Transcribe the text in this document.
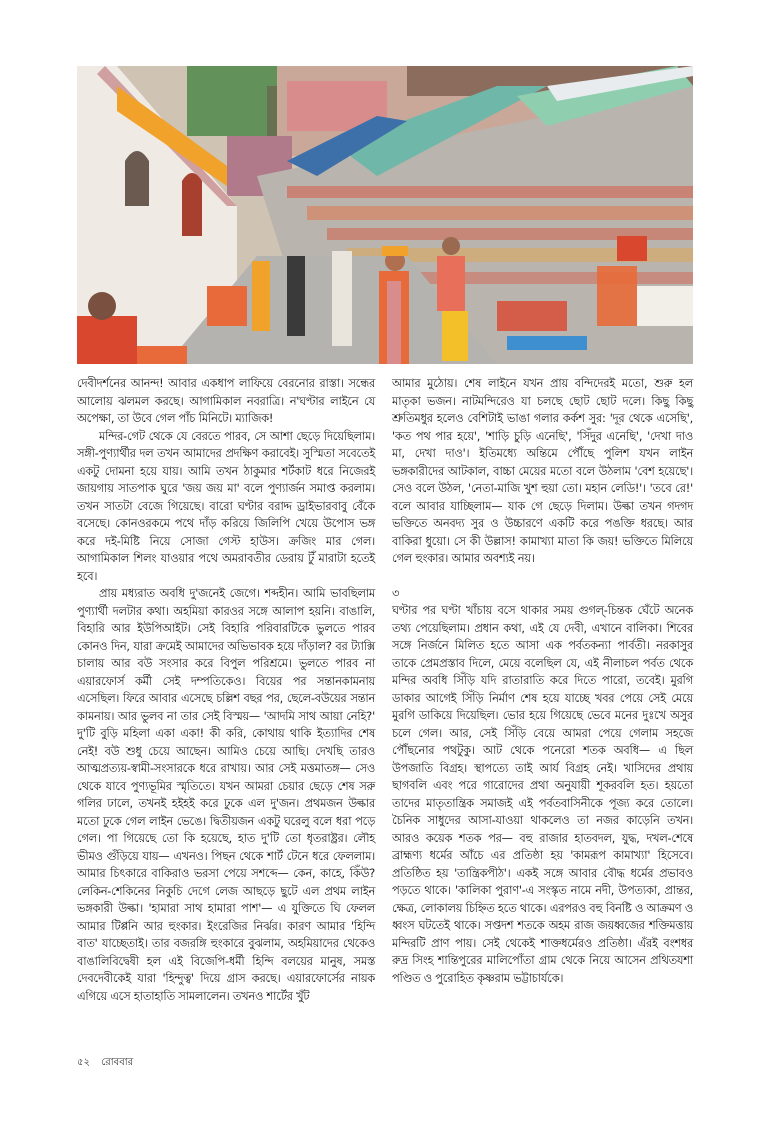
দেবীদর্শনের আনন্দ! আবার একধাপ লাফিয়ে বেরনোর রাস্তা। সন্ধের আলোয় ঝলমল করছে। আগামিকাল নবরাত্রি। ন'ঘণ্টার লাইনে যে অপেক্ষা, তা উবে গেল পাঁচ মিনিটে। ম্যাজিক!

মন্দির-গেট থেকে যে বেরতে পারব, সে আশা ছেড়ে দিয়েছিলাম। সঙ্গী-পুণ্যার্থীর দল তখন আমাদের প্রদক্ষিণ করাবেই। সুস্মিতা সবেতেই একটু দোমনা হয়ে যায়। আমি তখন ঠাকুমার শর্টকাট ধরে নিজেরই জায়গায় সাতপাক ঘুরে 'জয় জয় মা' বলে পুণ্যার্জন সমাপ্ত করলাম। তখন সাতটা বেজে গিয়েছে। বারো ঘণ্টার বরাদ্দ ড্রাইভারবাবু বেঁকে বসেছে। কোনওরকমে পথে দাঁড় করিয়ে জিলিপি খেয়ে উপোস ভঙ্গ করে দই-মিষ্টি নিয়ে সোজা গেস্ট হাউস। ক্রজিং মার গেল। আগামিকাল শিলং যাওয়ার পথে অমরাবতীর ডেরায় টুঁ মারাটা হতেই হবে।

প্রায় মধ্যরাত অবধি দু'জনেই জেগে। শব্দহীন। আমি ভাবছিলাম পুণ্যার্থী দলটার কথা। অহমিয়া কারওর সঙ্গে আলাপ হয়নি। বাঙালি, বিহারি আর ইউপিআইট। সেই বিহারি পরিবারটিকে ভুলতে পারব কোনও দিন, যারা ক্রমেই আমাদের অভিভাবক হয়ে দাঁড়াল? বর ট্যাক্সি চালায় আর বউ সংসার করে বিপুল পরিশ্রমে। ভুলতে পারব না এয়ারফোর্স কর্মী সেই দম্পতিকেও। বিয়ের পর সন্তানকামনায় এসেছিল। ফিরে আবার এসেছে চল্লিশ বছর পর, ছেলে-বউয়ের সন্তান কামনায়। আর ভুলব না তার সেই বিস্ময়— 'আদমি সাথ আয়া নেহি?' দু'টি বুড়ি মহিলা একা একা! কী করি, কোথায় থাকি ইত্যাদির শেষ নেই! বউ শুধু চেয়ে আছেন। আমিও চেয়ে আছি। দেখছি তারও আত্মপ্রত্যয়-স্বামী-সংসারকে ধরে রাখায়। আর সেই মত্তমাতঙ্গ— সেও থেকে যাবে পুণ্যভূমির স্মৃতিতে। যখন আমরা চেয়ার ছেড়ে শেষ সরু গলির ঢালে, তখনই হইহই করে ঢুকে এল দু'জন। প্রথমজন উল্কার মতো ঢুকে গেল লাইন ভেঙে। দ্বিতীয়জন একটু ঘরেলু বলে ধরা পড়ে গেল। পা গিয়েছে তো কি হয়েছে, হাত দু'টি তো ধৃতরাষ্ট্রর। লৌহ ভীমও গুঁড়িয়ে যায়— এখনও। পিছন থেকে শার্ট টেনে ধরে ফেললাম। আমার চিৎকারে বাকিরাও ভরসা পেয়ে সশব্দে— কেন, কাহে, কিঁউ? লেকিন-শেকিনের নিকুচি দেগে লেজ আছড়ে ছুটে এল প্রথম লাইন ভঙ্গকারী উল্কা। 'হামারা সাথ হামারা পাশ'— এ যুক্তিতে ঘি ফেলল আমার টিপ্পনি আর হুংকার। ইংরেজির নির্ঝর। কারণ আমার 'হিন্দি বাত' যাচ্ছেতাই। তার বজরঙ্গি হুংকারে বুঝলাম, অহমিয়াদের থেকেও বাঙালিবিদ্বেষী হল এই বিজেপি-ধর্মী হিন্দি বলয়ের মানুষ, সমস্ত দেবদেবীকেই যারা 'হিন্দুত্ব' দিয়ে গ্রাস করছে। এয়ারফোর্সের নায়ক এগিয়ে এসে হাতাহাতি সামলালেন। তখনও শার্টের খুঁট

আমার মুঠোয়। শেষ লাইনে যখন প্রায় বন্দিদেরই মতো, শুরু হল মাতৃকা ভজন। নাটমন্দিরেও যা চলছে ছোট ছোট দলে। কিছু কিছু শ্রুতিমধুর হলেও বেশিটাই ভাঙা গলার কর্কশ সুর: 'দূর থেকে এসেছি', 'কত পথ পার হয়ে', 'শাড়ি চুড়ি এনেছি', 'সিঁদুর এনেছি', 'দেখা দাও মা, দেখা দাও'। ইতিমধ্যে অন্তিমে পৌঁছে পুলিশ যখন লাইন ভঙ্গকারীদের আটকাল, বাচ্চা মেয়ের মতো বলে উঠলাম 'বেশ হয়েছে'। সেও বলে উঠল, 'নেতা-মাজি খুশ হুয়া তো। মহান লেডি!'। 'তবে রে!' বলে আবার যাচ্ছিলাম— যাক গে ছেড়ে দিলাম। উল্কা তখন গদগদ ভক্তিতে অনবদ্য সুর ও উচ্চারণে একটি করে পঙক্তি ধরছে। আর বাকিরা ধুয়ো। সে কী উল্লাস! কামাখ্যা মাতা কি জয়! ভক্তিতে মিলিয়ে গেল হুংকার। আমার অবশ্যই নয়।

৩

ঘণ্টার পর ঘণ্টা খাঁচায় বসে থাকার সময় গুগল্-চিন্তক ঘেঁটে অনেক তথ্য পেয়েছিলাম। প্রধান কথা, এই যে দেবী, এখানে বালিকা। শিবের সঙ্গে নির্জনে মিলিত হতে আসা এক পর্বতকন্যা পার্বতী। নরকাসুর তাকে প্রেমপ্রস্তাব দিলে, মেয়ে বলেছিল যে, এই নীলাচল পর্বত থেকে মন্দির অবধি সিঁড়ি যদি রাতারাতি করে দিতে পারো, তবেই। মুরগি ডাকার আগেই সিঁড়ি নির্মাণ শেষ হয়ে যাচ্ছে খবর পেয়ে সেই মেয়ে মুরগি ডাকিয়ে দিয়েছিল। ভোর হয়ে গিয়েছে ভেবে মনের দুঃখে অসুর চলে গেল। আর, সেই সিঁড়ি বেয়ে আমরা পেয়ে গেলাম সহজে পৌঁছনোর পথটুকু। আট থেকে পনেরো শতক অবধি— এ ছিল উপজাতি বিগ্রহ। স্থাপত্যে তাই আর্য বিগ্রহ নেই। খাসিদের প্রথায় ছাগবলি এবং পরে গারোদের প্রথা অনুযায়ী শূকরবলি হত। হয়তো তাদের মাতৃতান্ত্রিক সমাজই এই পর্বতবাসিনীকে পূজ্য করে তোলে। চৈনিক সাধুদের আসা-যাওয়া থাকলেও তা নজর কাড়েনি তখন। আরও কয়েক শতক পর— বহু রাজার হাতবদল, যুদ্ধ, দখল-শেষে ব্রাহ্মণ্য ধর্মের আঁচে এর প্রতিষ্ঠা হয় 'কামরূপ কামাখ্যা' হিসেবে। প্রতিষ্ঠিত হয় 'তান্ত্রিকপীঠ'। একই সঙ্গে আবার বৌদ্ধ ধর্মের প্রভাবও পড়তে থাকে। 'কালিকা পুরাণ'-এ সংস্কৃত নামে নদী, উপত্যকা, প্রান্তর, ক্ষেত্র, লোকালয় চিহ্নিত হতে থাকে। এরপরও বহু বিনষ্টি ও আক্রমণ ও ধ্বংস ঘটতেই থাকে। সপ্তদশ শতকে অহম রাজ জয়ধ্বজের শক্তিমত্তায় মন্দিরটি প্রাণ পায়। সেই থেকেই শাক্তধর্মেরও প্রতিষ্ঠা। এঁরই বংশধর রুদ্র সিংহ শান্তিপুরের মালিপোঁতা গ্রাম থেকে নিয়ে আসেন প্রথিতযশা পণ্ডিত ও পুরোহিত কৃষ্ণরাম ভট্টাচার্যকে।

৫২ রোববার
